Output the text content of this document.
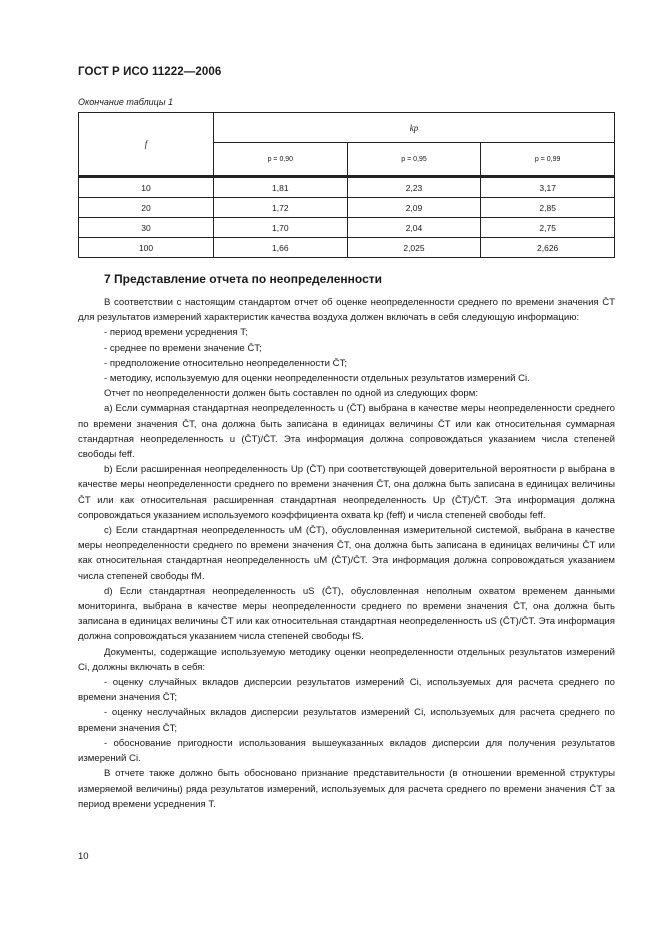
ГОСТ Р ИСО 11222—2006
Окончание таблицы 1
f	kp		
	p = 0,90	p = 0,95	p = 0,99

10	1,81	2,23	3,17
20	1,72	2,09	2,85
30	1,70	2,04	2,75
100	1,66	2,025	2,626
7 Представление отчета по неопределенности

В соответствии с настоящим стандартом отчет об оценке неопределенности среднего по времени значения C̄T для результатов измерений характеристик качества воздуха должен включать в себя следующую информацию:

- период времени усреднения T;

- среднее по времени значение C̄T;

- предположение относительно неопределенности C̄T;

- методику, используемую для оценки неопределенности отдельных результатов измерений Ci.

Отчет по неопределенности должен быть составлен по одной из следующих форм:

a) Если суммарная стандартная неопределенность u (C̄T) выбрана в качестве меры неопределенности среднего по времени значения C̄T, она должна быть записана в единицах величины C̄T или как относительная суммарная стандартная неопределенность u (C̄T)/C̄T. Эта информация должна сопровождаться указанием числа степеней свободы feff.

b) Если расширенная неопределенность Up (C̄T) при соответствующей доверительной вероятности p выбрана в качестве меры неопределенности среднего по времени значения C̄T, она должна быть записана в единицах величины C̄T или как относительная расширенная стандартная неопределенность Up (C̄T)/C̄T. Эта информация должна сопровождаться указанием используемого коэффициента охвата kp (feff) и числа степеней свободы feff.

c) Если стандартная неопределенность uM (C̄T), обусловленная измерительной системой, выбрана в качестве меры неопределенности среднего по времени значения C̄T, она должна быть записана в единицах величины C̄T или как относительная стандартная неопределенность uM (C̄T)/C̄T. Эта информация должна сопровождаться указанием числа степеней свободы fM.

d) Если стандартная неопределенность uS (C̄T), обусловленная неполным охватом временем данными мониторинга, выбрана в качестве меры неопределенности среднего по времени значения C̄T, она должна быть записана в единицах величины C̄T или как относительная стандартная неопределенность uS (C̄T)/C̄T. Эта информация должна сопровождаться указанием числа степеней свободы fS.

Документы, содержащие используемую методику оценки неопределенности отдельных результатов измерений Ci, должны включать в себя:

- оценку случайных вкладов дисперсии результатов измерений Ci, используемых для расчета среднего по времени значения C̄T;

- оценку неслучайных вкладов дисперсии результатов измерений Ci, используемых для расчета среднего по времени значения C̄T;

- обоснование пригодности использования вышеуказанных вкладов дисперсии для получения результатов измерений Ci.

В отчете также должно быть обосновано признание представительности (в отношении временной структуры измеряемой величины) ряда результатов измерений, используемых для расчета среднего по времени значения C̄T за период времени усреднения T.

10
